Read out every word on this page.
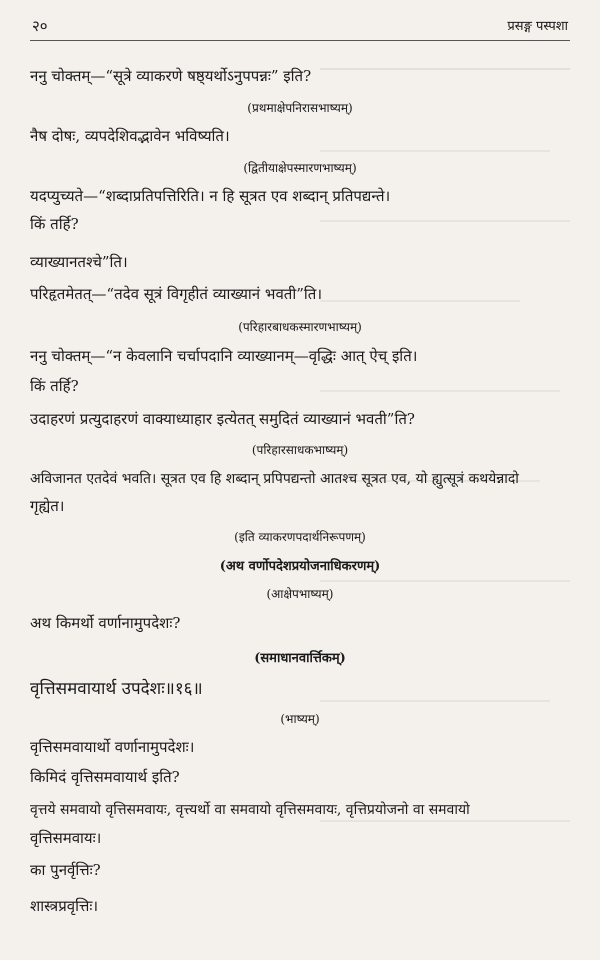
२०	प्रसङ्ग पस्पशा
ननु चोक्तम्—“सूत्रे व्याकरणे षष्ठ्यर्थोऽनुपपन्नः” इति?
(प्रथमाक्षेपनिरासभाष्यम्)
नैष दोषः, व्यपदेशिवद्भावेन भविष्यति।
(द्वितीयाक्षेपस्मारणभाष्यम्)
यदप्युच्यते—“शब्दाप्रतिपत्तिरिति। न हि सूत्रत एव शब्दान् प्रतिपद्यन्ते।
किं तर्हि?
व्याख्यानतश्चे”ति।
परिहृतमेतत्—“तदेव सूत्रं विगृहीतं व्याख्यानं भवती”ति।
(परिहारबाधकस्मारणभाष्यम्)
ननु चोक्तम्—“न केवलानि चर्चापदानि व्याख्यानम्—वृद्धिः आत् ऐच् इति।
किं तर्हि?
उदाहरणं प्रत्युदाहरणं वाक्याध्याहार इत्येतत् समुदितं व्याख्यानं भवती”ति?
(परिहारसाधकभाष्यम्)
अविजानत एतदेवं भवति। सूत्रत एव हि शब्दान् प्रपिपद्यन्तो आतश्च सूत्रत एव, यो ह्युत्सूत्रं कथयेन्नादो
गृह्येत।
(इति व्याकरणपदार्थनिरूपणम्)
(अथ वर्णोपदेशप्रयोजनाधिकरणम्)
(आक्षेपभाष्यम्)
अथ किमर्थो वर्णानामुपदेशः?
(समाधानवार्त्तिकम्)
वृत्तिसमवायार्थ उपदेशः॥१६॥
(भाष्यम्)
वृत्तिसमवायार्थो वर्णानामुपदेशः।
किमिदं वृत्तिसमवायार्थ इति?
वृत्तये समवायो वृत्तिसमवायः, वृत्त्यर्थो वा समवायो वृत्तिसमवायः, वृत्तिप्रयोजनो वा समवायो
वृत्तिसमवायः।
का पुनर्वृत्तिः?
शास्त्रप्रवृत्तिः।
